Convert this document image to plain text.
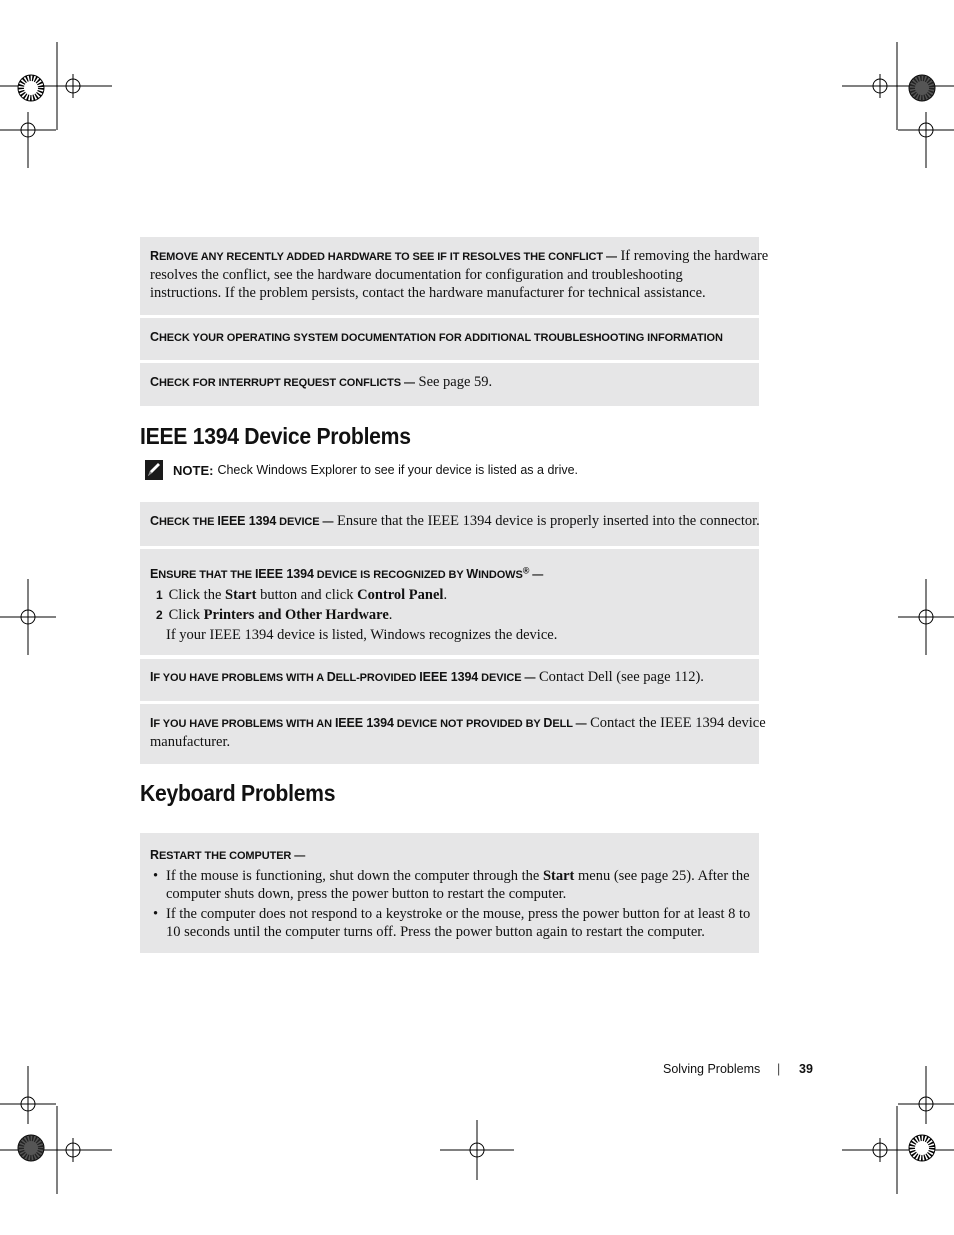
REMOVE ANY RECENTLY ADDED HARDWARE TO SEE IF IT RESOLVES THE CONFLICT — If removing the hardware
resolves the conflict, see the hardware documentation for configuration and troubleshooting
instructions. If the problem persists, contact the hardware manufacturer for technical assistance.
CHECK YOUR OPERATING SYSTEM DOCUMENTATION FOR ADDITIONAL TROUBLESHOOTING INFORMATION
CHECK FOR INTERRUPT REQUEST CONFLICTS — See page 59.
IEEE 1394 Device Problems
NOTE: Check Windows Explorer to see if your device is listed as a drive.
CHECK THE IEEE 1394 DEVICE — Ensure that the IEEE 1394 device is properly inserted into the connector.
ENSURE THAT THE IEEE 1394 DEVICE IS RECOGNIZED BY WINDOWS® —
1 Click the Start button and click Control Panel.
2 Click Printers and Other Hardware.
If your IEEE 1394 device is listed, Windows recognizes the device.
IF YOU HAVE PROBLEMS WITH A DELL-PROVIDED IEEE 1394 DEVICE — Contact Dell (see page 112).
IF YOU HAVE PROBLEMS WITH AN IEEE 1394 DEVICE NOT PROVIDED BY DELL — Contact the IEEE 1394 device
manufacturer.
Keyboard Problems
RESTART THE COMPUTER —
• If the mouse is functioning, shut down the computer through the Start menu (see page 25). After the
computer shuts down, press the power button to restart the computer.
• If the computer does not respond to a keystroke or the mouse, press the power button for at least 8 to
10 seconds until the computer turns off. Press the power button again to restart the computer.
Solving Problems | 39
